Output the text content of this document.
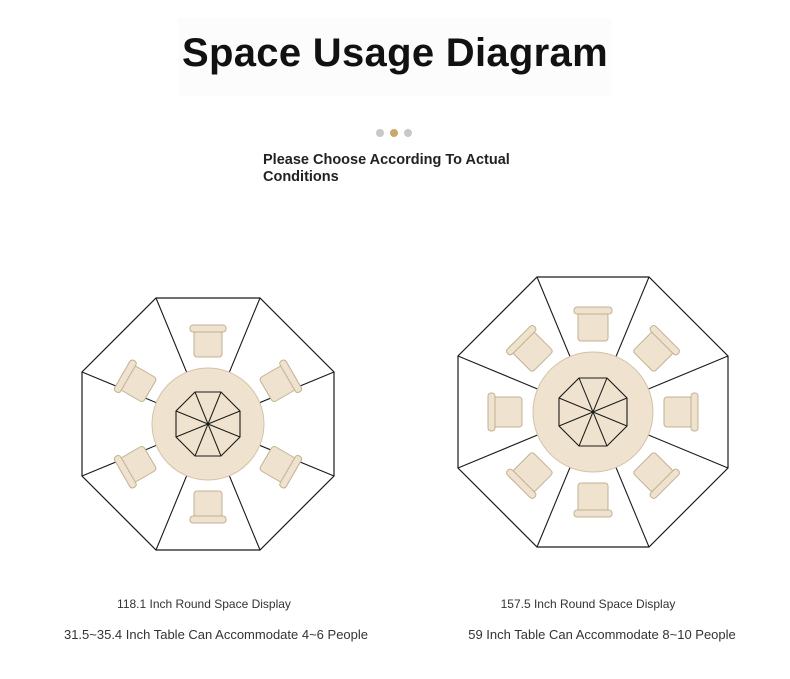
Space Usage Diagram
Please Choose According To Actual Conditions
118.1 Inch Round Space Display
31.5~35.4 Inch Table Can Accommodate 4~6 People
157.5 Inch Round Space Display
59 Inch Table Can Accommodate 8~10 People
